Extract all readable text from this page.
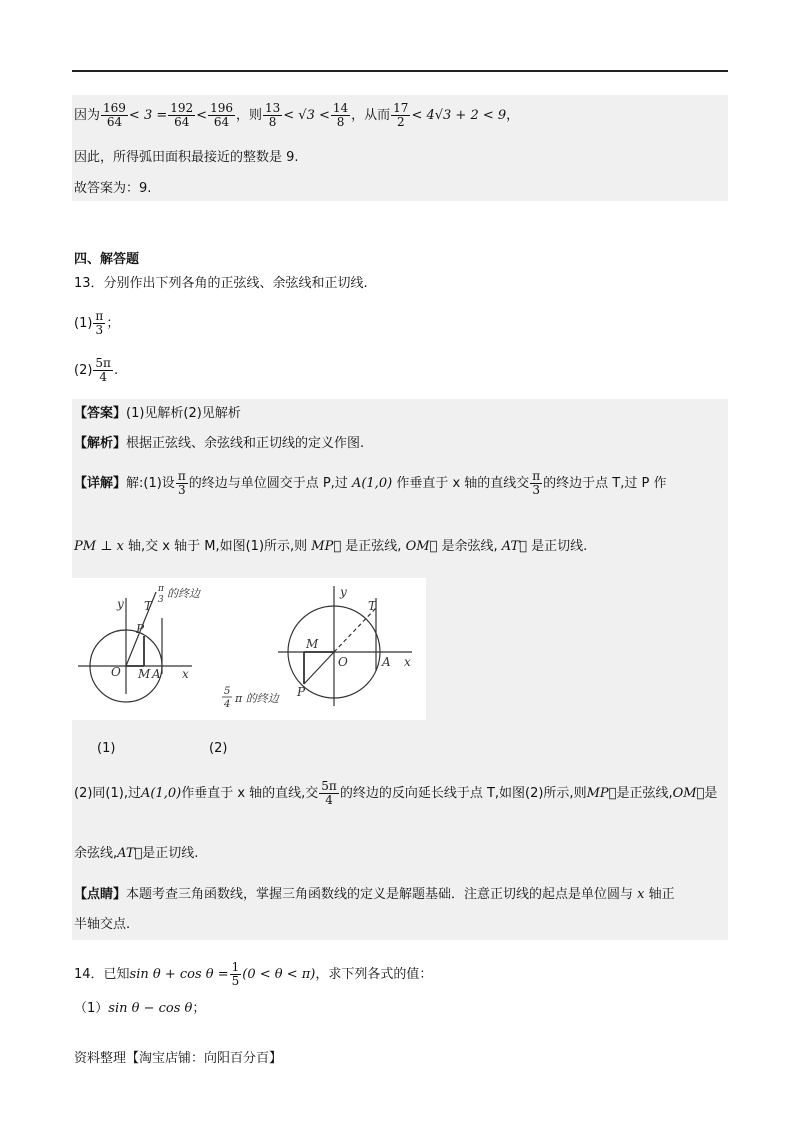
因为 $\frac{169}{64} < 3 = \frac{192}{64} < \frac{196}{64}$ ，则 $\frac{13}{8} < √3 < \frac{14}{8}$ ，从而 $\frac{17}{2} < 4√3 + 2 < 9$，
因此，所得弧田面积最接近的整数是 9.
故答案为：9.
四、解答题
13．分别作出下列各角的正弦线、余弦线和正切线.
$(1) \frac{\pi}{3}$ ；
$(2) \frac{5\pi}{4}$ .
【答案】(1)见解析(2)见解析
【解析】根据正弦线、余弦线和正切线的定义作图.
【详解】解:(1)设 $\frac{\pi}{3}$ 的终边与单位圆交于点 P,过 A(1,0) 作垂直于 x 轴的直线交 $\frac{\pi}{3}$ 的终边于点 T,过 P 作
PM ⊥ x 轴,交 x 轴于 M,如图(1)所示,则 MP⃗ 是正弦线, OM⃗ 是余弦线, AT⃗ 是正切线.
x
y
O M A
P
T
π
3 的终边
x
y
O
M
A
P
T
5
4 π 的终边
(1)	(2)
(2)同(1),过A(1,0)作垂直于 x 轴的直线,交 $\frac{5\pi}{4}$ 的终边的反向延长线于点 T,如图(2)所示,则MP⃗是正弦线,OM⃗是
余弦线,AT⃗是正切线.
【点睛】本题考查三角函数线，掌握三角函数线的定义是解题基础．注意正切线的起点是单位圆与 x 轴正
半轴交点.
14．已知$\sin \theta + \cos \theta = \frac{1}{5} (0 < \theta < \pi)$，求下列各式的值：
（1）sin θ − cos θ；
资料整理【淘宝店铺：向阳百分百】
